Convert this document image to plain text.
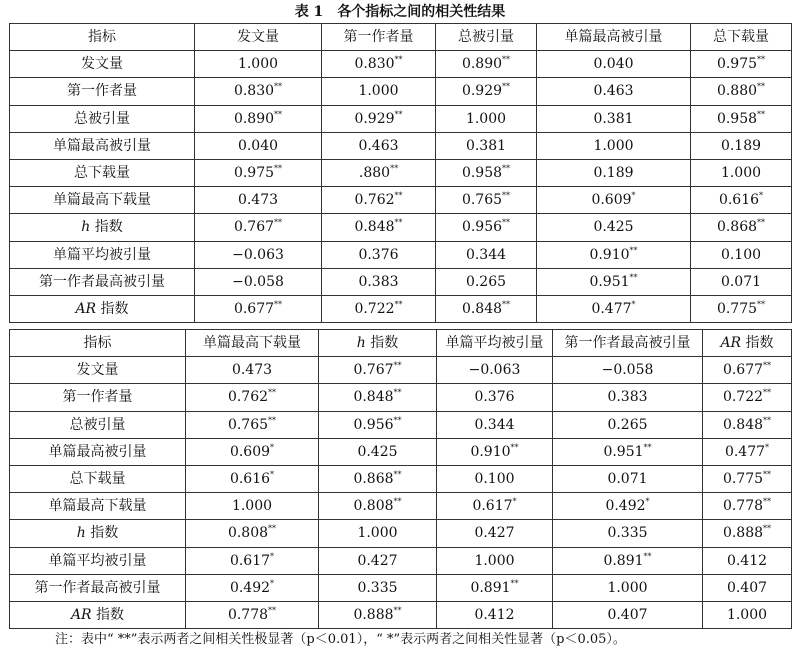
表 1 各个指标之间的相关性结果
指标	发文量	第一作者量	总被引量	单篇最高被引量	总下载量
发文量	1.000	0.830**	0.890**	0.040	0.975**
第一作者量	0.830**	1.000	0.929**	0.463	0.880**
总被引量	0.890**	0.929**	1.000	0.381	0.958**
单篇最高被引量	0.040	0.463	0.381	1.000	0.189
总下载量	0.975**	.880**	0.958**	0.189	1.000
单篇最高下载量	0.473	0.762**	0.765**	0.609*	0.616*
h 指数	0.767**	0.848**	0.956**	0.425	0.868**
单篇平均被引量	−0.063	0.376	0.344	0.910**	0.100
第一作者最高被引量	−0.058	0.383	0.265	0.951**	0.071
AR 指数	0.677**	0.722**	0.848**	0.477*	0.775**
指标	单篇最高下载量	h 指数	单篇平均被引量	第一作者最高被引量	AR 指数
发文量	0.473	0.767**	−0.063	−0.058	0.677**
第一作者量	0.762**	0.848**	0.376	0.383	0.722**
总被引量	0.765**	0.956**	0.344	0.265	0.848**
单篇最高被引量	0.609*	0.425	0.910**	0.951**	0.477*
总下载量	0.616*	0.868**	0.100	0.071	0.775**
单篇最高下载量	1.000	0.808**	0.617*	0.492*	0.778**
h 指数	0.808**	1.000	0.427	0.335	0.888**
单篇平均被引量	0.617*	0.427	1.000	0.891**	0.412
第一作者最高被引量	0.492*	0.335	0.891**	1.000	0.407
AR 指数	0.778**	0.888**	0.412	0.407	1.000
注：表中“ **”表示两者之间相关性极显著（p＜0.01），“ *”表示两者之间相关性显著（p＜0.05）。
